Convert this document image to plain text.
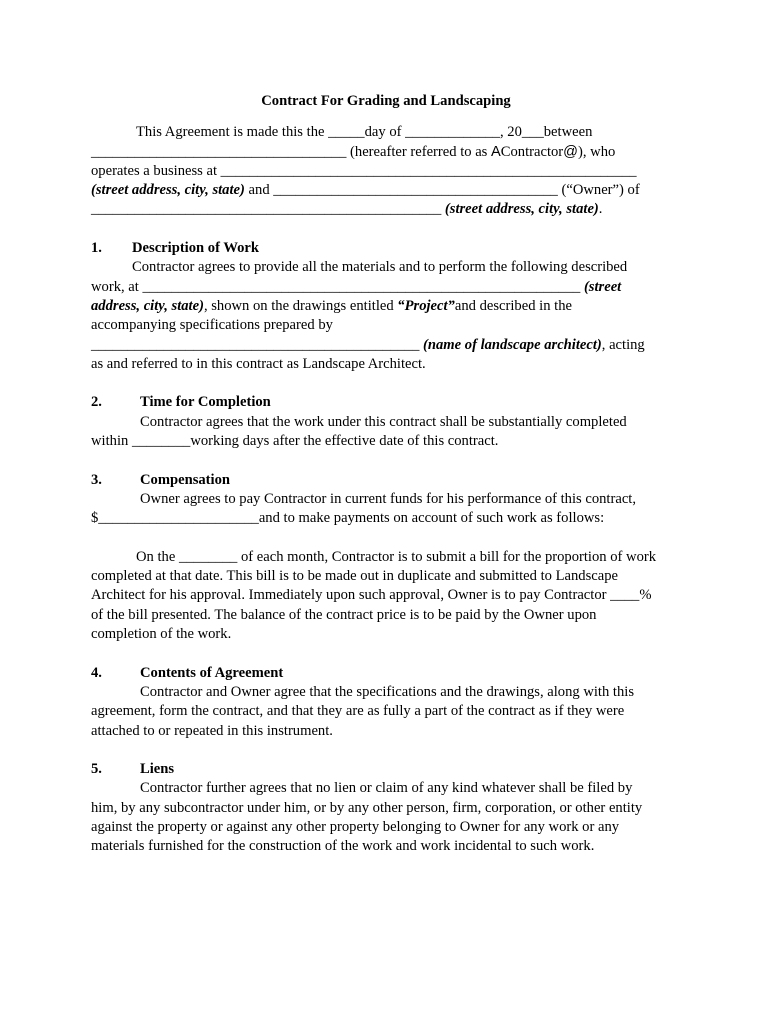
Contract For Grading and Landscaping
This Agreement is made this the _____day of _____________, 20___between
___________________________________ (hereafter referred to as AContractor@), who
operates a business at _________________________________________________________
(street address, city, state) and _______________________________________ (“Owner”) of
________________________________________________ (street address, city, state).
1. Description of Work
Contractor agrees to provide all the materials and to perform the following described
work, at ____________________________________________________________ (street
address, city, state), shown on the drawings entitled “Project”and described in the
accompanying specifications prepared by
_____________________________________________ (name of landscape architect), acting
as and referred to in this contract as Landscape Architect.
2.	Time for Completion
Contractor agrees that the work under this contract shall be substantially completed
within ________working days after the effective date of this contract.
3.	Compensation
Owner agrees to pay Contractor in current funds for his performance of this contract,
$______________________and to make payments on account of such work as follows:
On the ________ of each month, Contractor is to submit a bill for the proportion of work
completed at that date. This bill is to be made out in duplicate and submitted to Landscape
Architect for his approval. Immediately upon such approval, Owner is to pay Contractor ____%
of the bill presented. The balance of the contract price is to be paid by the Owner upon
completion of the work.
4.	Contents of Agreement
Contractor and Owner agree that the specifications and the drawings, along with this
agreement, form the contract, and that they are as fully a part of the contract as if they were
attached to or repeated in this instrument.
5.	Liens
Contractor further agrees that no lien or claim of any kind whatever shall be filed by
him, by any subcontractor under him, or by any other person, firm, corporation, or other entity
against the property or against any other property belonging to Owner for any work or any
materials furnished for the construction of the work and work incidental to such work.
